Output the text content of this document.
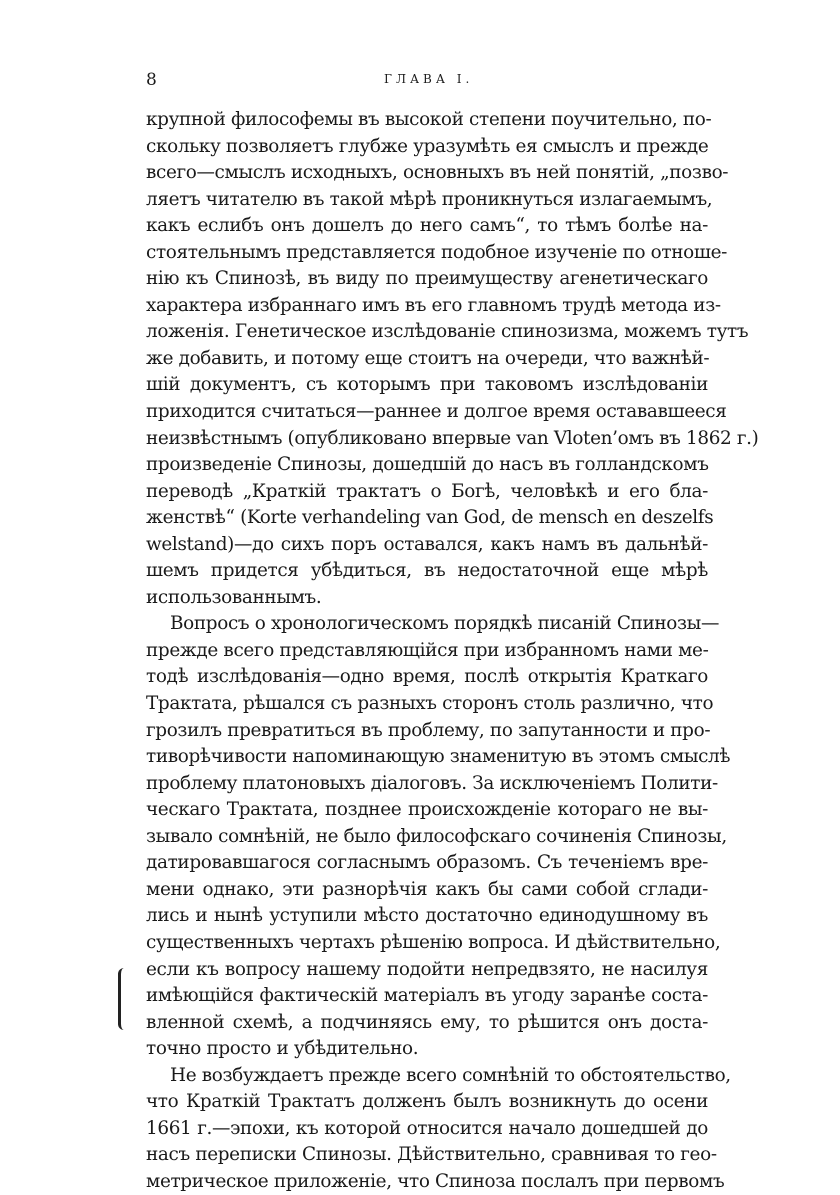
8	ГЛАВА I.
крупной философемы въ высокой степени поучительно, по-
скольку позволяетъ глубже уразумѣть ея смыслъ и прежде
всего—смыслъ исходныхъ, основныхъ въ ней понятій, „позво-
ляетъ читателю въ такой мѣрѣ проникнуться излагаемымъ,
какъ еслибъ онъ дошелъ до него самъ“, то тѣмъ болѣе на-
стоятельнымъ представляется подобное изученіе по отноше-
нію къ Спинозѣ, въ виду по преимуществу агенетическаго
характера избраннаго имъ въ его главномъ трудѣ метода из-
ложенія. Генетическое изслѣдованіе спинозизма, можемъ тутъ
же добавить, и потому еще стоитъ на очереди, что важнѣй-
шій документъ, съ которымъ при таковомъ изслѣдованіи
приходится считаться—раннее и долгое время остававшееся
неизвѣстнымъ (опубликовано впервые van Vloten’омъ въ 1862 г.)
произведеніе Спинозы, дошедшій до насъ въ голландскомъ
переводѣ „Краткій трактатъ о Богѣ, человѣкѣ и его бла-
женствѣ“ (Korte verhandeling van God, de mensch en deszelfs
welstand)—до сихъ поръ оставался, какъ намъ въ дальнѣй-
шемъ придется убѣдиться, въ недостаточной еще мѣрѣ
использованнымъ.
Вопросъ о хронологическомъ порядкѣ писаній Спинозы—
прежде всего представляющійся при избранномъ нами ме-
тодѣ изслѣдованія—одно время, послѣ открытія Краткаго
Трактата, рѣшался съ разныхъ сторонъ столь различно, что
грозилъ превратиться въ проблему, по запутанности и про-
тиворѣчивости напоминающую знаменитую въ этомъ смыслѣ
проблему платоновыхъ діалоговъ. За исключеніемъ Полити-
ческаго Трактата, позднее происхожденіе котораго не вы-
зывало сомнѣній, не было философскаго сочиненія Спинозы,
датировавшагося согласнымъ образомъ. Съ теченіемъ вре-
мени однако, эти разнорѣчія какъ бы сами собой сглади-
лись и нынѣ уступили мѣсто достаточно единодушному въ
существенныхъ чертахъ рѣшенію вопроса. И дѣйствительно,
если къ вопросу нашему подойти непредвзято, не насилуя
имѣющійся фактическій матеріалъ въ угоду заранѣе соста-
вленной схемѣ, а подчиняясь ему, то рѣшится онъ доста-
точно просто и убѣдительно.
Не возбуждаетъ прежде всего сомнѣній то обстоятельство,
что Краткій Трактатъ долженъ былъ возникнуть до осени
1661 г.—эпохи, къ которой относится начало дошедшей до
насъ переписки Спинозы. Дѣйствительно, сравнивая то гео-
метрическое приложеніе, что Спиноза послалъ при первомъ
